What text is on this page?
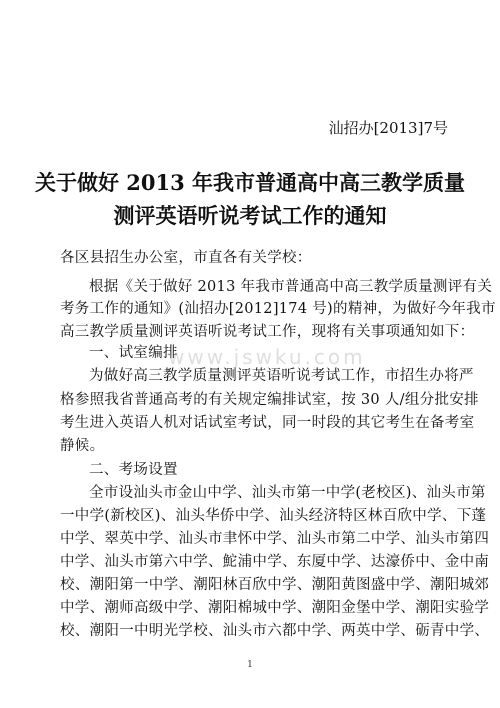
汕招办[2013]7号
关于做好 2013 年我市普通高中高三教学质量
测评英语听说考试工作的通知
各区县招生办公室，市直各有关学校：
根据《关于做好 2013 年我市普通高中高三教学质量测评有关
考务工作的通知》(汕招办[2012]174 号)的精神，为做好今年我市
高三教学质量测评英语听说考试工作，现将有关事项通知如下：
一、试室编排
为做好高三教学质量测评英语听说考试工作，市招生办将严
格参照我省普通高考的有关规定编排试室，按 30 人/组分批安排
考生进入英语人机对话试室考试，同一时段的其它考生在备考室
静候。
二、考场设置
全市设汕头市金山中学、汕头市第一中学(老校区)、汕头市第
一中学(新校区)、汕头华侨中学、汕头经济特区林百欣中学、下蓬
中学、翠英中学、汕头市聿怀中学、汕头市第二中学、汕头市第四
中学、汕头市第六中学、鮀浦中学、东厦中学、达濠侨中、金中南
校、潮阳第一中学、潮阳林百欣中学、潮阳黄图盛中学、潮阳城郊
中学、潮师高级中学、潮阳棉城中学、潮阳金堡中学、潮阳实验学
校、潮阳一中明光学校、汕头市六都中学、两英中学、砺青中学、
www.jswku.com
1
